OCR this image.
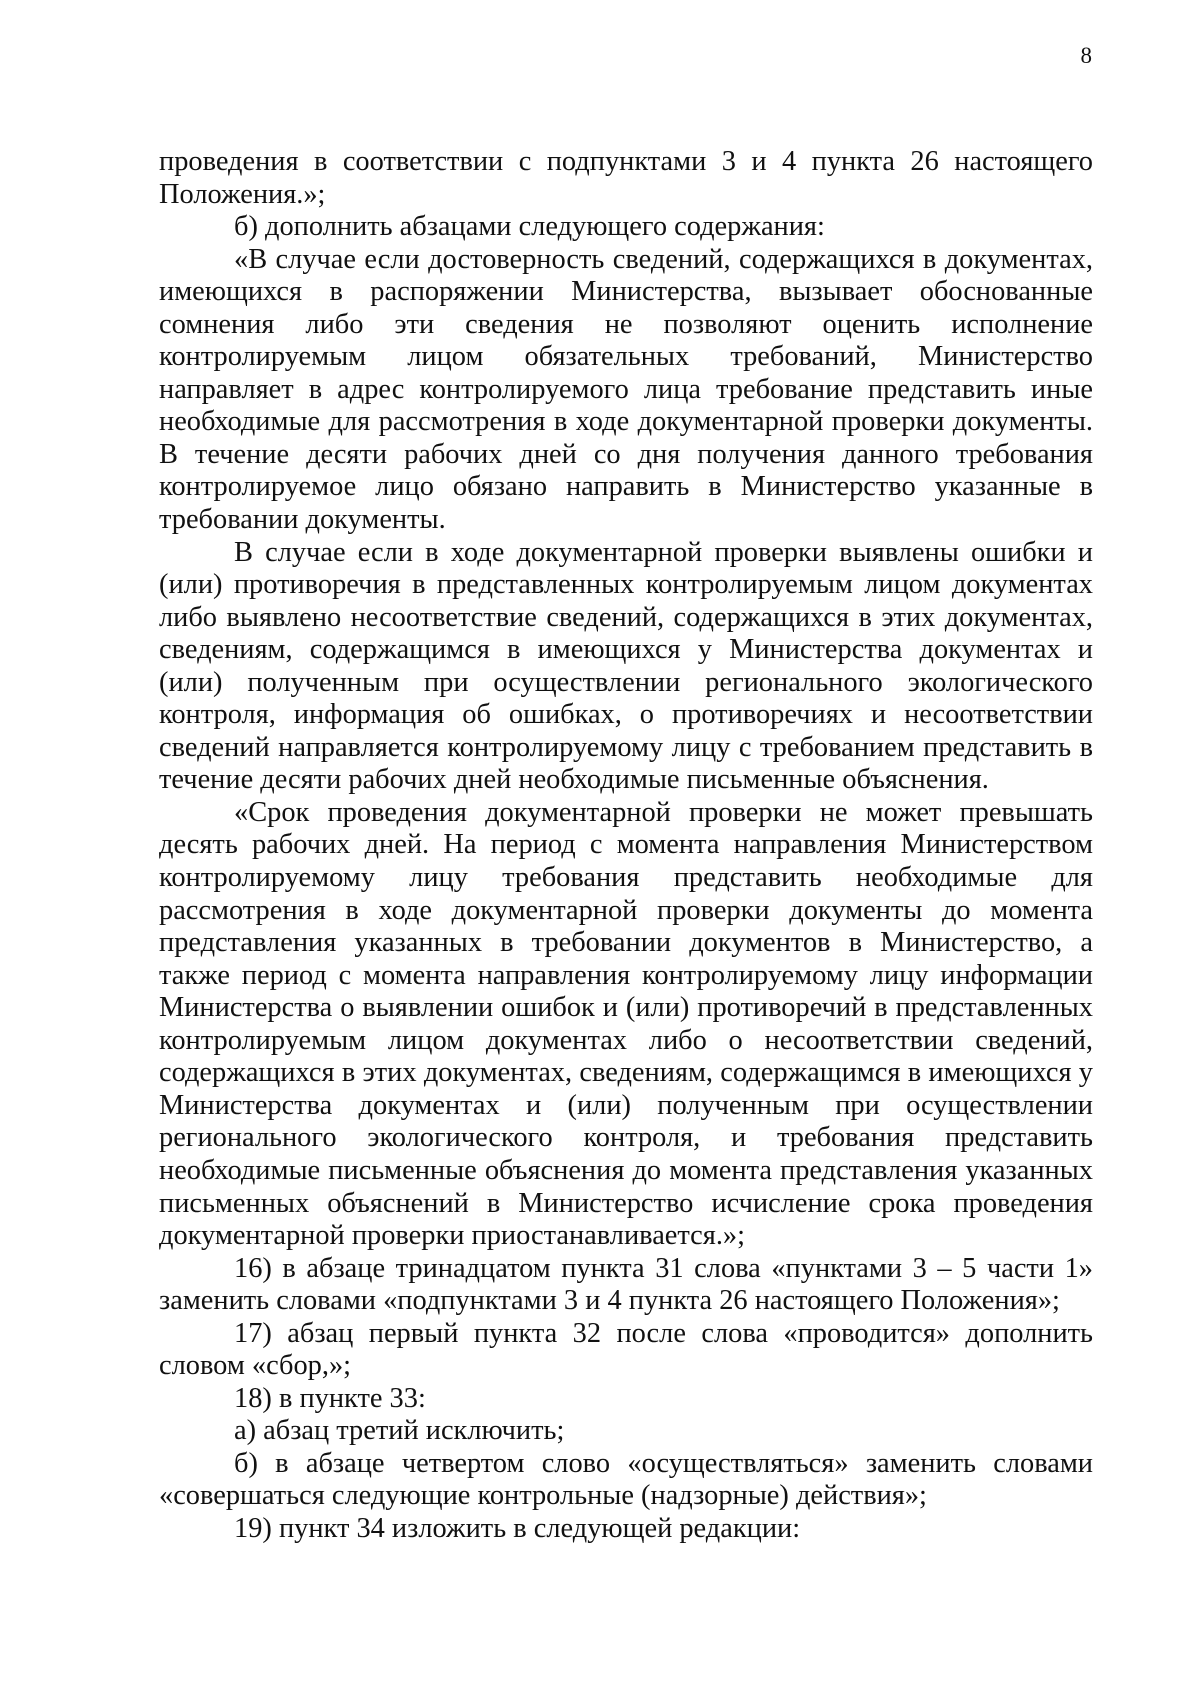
8

проведения в соответствии с подпунктами 3 и 4 пункта 26 настоящего Положения.»;

б) дополнить абзацами следующего содержания:

«В случае если достоверность сведений, содержащихся в документах, имеющихся в распоряжении Министерства, вызывает обоснованные сомнения либо эти сведения не позволяют оценить исполнение контролируемым лицом обязательных требований, Министерство направляет в адрес контролируемого лица требование представить иные необходимые для рассмотрения в ходе документарной проверки документы. В течение десяти рабочих дней со дня получения данного требования контролируемое лицо обязано направить в Министерство указанные в требовании документы.

В случае если в ходе документарной проверки выявлены ошибки и (или) противоречия в представленных контролируемым лицом документах либо выявлено несоответствие сведений, содержащихся в этих документах, сведениям, содержащимся в имеющихся у Министерства документах и (или) полученным при осуществлении регионального экологического контроля, информация об ошибках, о противоречиях и несоответствии сведений направляется контролируемому лицу с требованием представить в течение десяти рабочих дней необходимые письменные объяснения.

«Срок проведения документарной проверки не может превышать десять рабочих дней. На период с момента направления Министерством контролируемому лицу требования представить необходимые для рассмотрения в ходе документарной проверки документы до момента представления указанных в требовании документов в Министерство, а также период с момента направления контролируемому лицу информации Министерства о выявлении ошибок и (или) противоречий в представленных контролируемым лицом документах либо о несоответствии сведений, содержащихся в этих документах, сведениям, содержащимся в имеющихся у Министерства документах и (или) полученным при осуществлении регионального экологического контроля, и требования представить необходимые письменные объяснения до момента представления указанных письменных объяснений в Министерство исчисление срока проведения документарной проверки приостанавливается.»;

16) в абзаце тринадцатом пункта 31 слова «пунктами 3 – 5 части 1» заменить словами «подпунктами 3 и 4 пункта 26 настоящего Положения»;

17) абзац первый пункта 32 после слова «проводится» дополнить словом «сбор,»;

18) в пункте 33:

а) абзац третий исключить;

б) в абзаце четвертом слово «осуществляться» заменить словами «совершаться следующие контрольные (надзорные) действия»;

19) пункт 34 изложить в следующей редакции:
